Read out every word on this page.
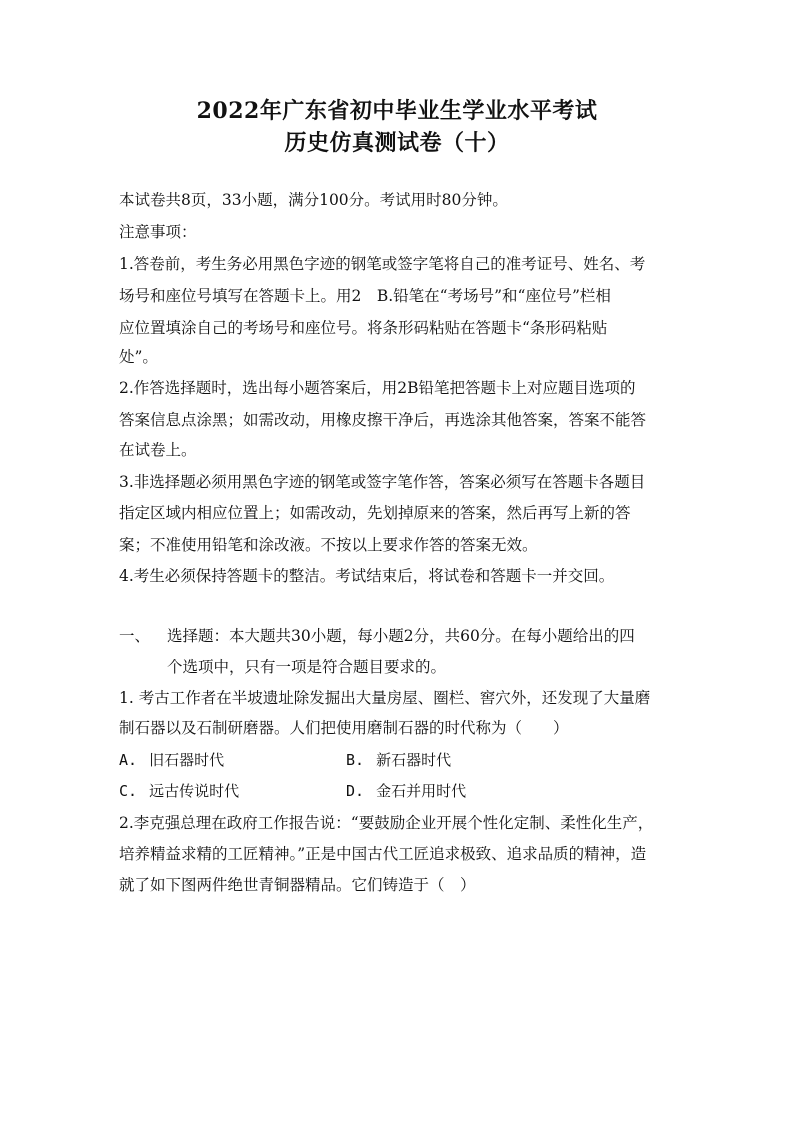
2022年广东省初中毕业生学业水平考试
历史仿真测试卷（十）
本试卷共8页，33小题，满分100分。考试用时80分钟。
注意事项：
1.答卷前，考生务必用黑色字迹的钢笔或签字笔将自己的准考证号、姓名、考
场号和座位号填写在答题卡上。用2　B.铅笔在“考场号”和“座位号”栏相
应位置填涂自己的考场号和座位号。将条形码粘贴在答题卡“条形码粘贴
处”。
2.作答选择题时，选出每小题答案后，用2B铅笔把答题卡上对应题目选项的
答案信息点涂黑；如需改动，用橡皮擦干净后，再选涂其他答案，答案不能答
在试卷上。
3.非选择题必须用黑色字迹的钢笔或签字笔作答，答案必须写在答题卡各题目
指定区域内相应位置上；如需改动，先划掉原来的答案，然后再写上新的答
案；不准使用铅笔和涂改液。不按以上要求作答的答案无效。
4.考生必须保持答题卡的整洁。考试结束后，将试卷和答题卡一并交回。
一、 选择题：本大题共30小题，每小题2分，共60分。在每小题给出的四
个选项中，只有一项是符合题目要求的。
1. 考古工作者在半坡遗址除发掘出大量房屋、圈栏、窖穴外，还发现了大量磨
制石器以及石制研磨器。人们把使用磨制石器的时代称为（　　）
A. 旧石器时代	B. 新石器时代
C. 远古传说时代	D. 金石并用时代
2.李克强总理在政府工作报告说：“要鼓励企业开展个性化定制、柔性化生产，
培养精益求精的工匠精神。”正是中国古代工匠追求极致、追求品质的精神，造
就了如下图两件绝世青铜器精品。它们铸造于（　）
